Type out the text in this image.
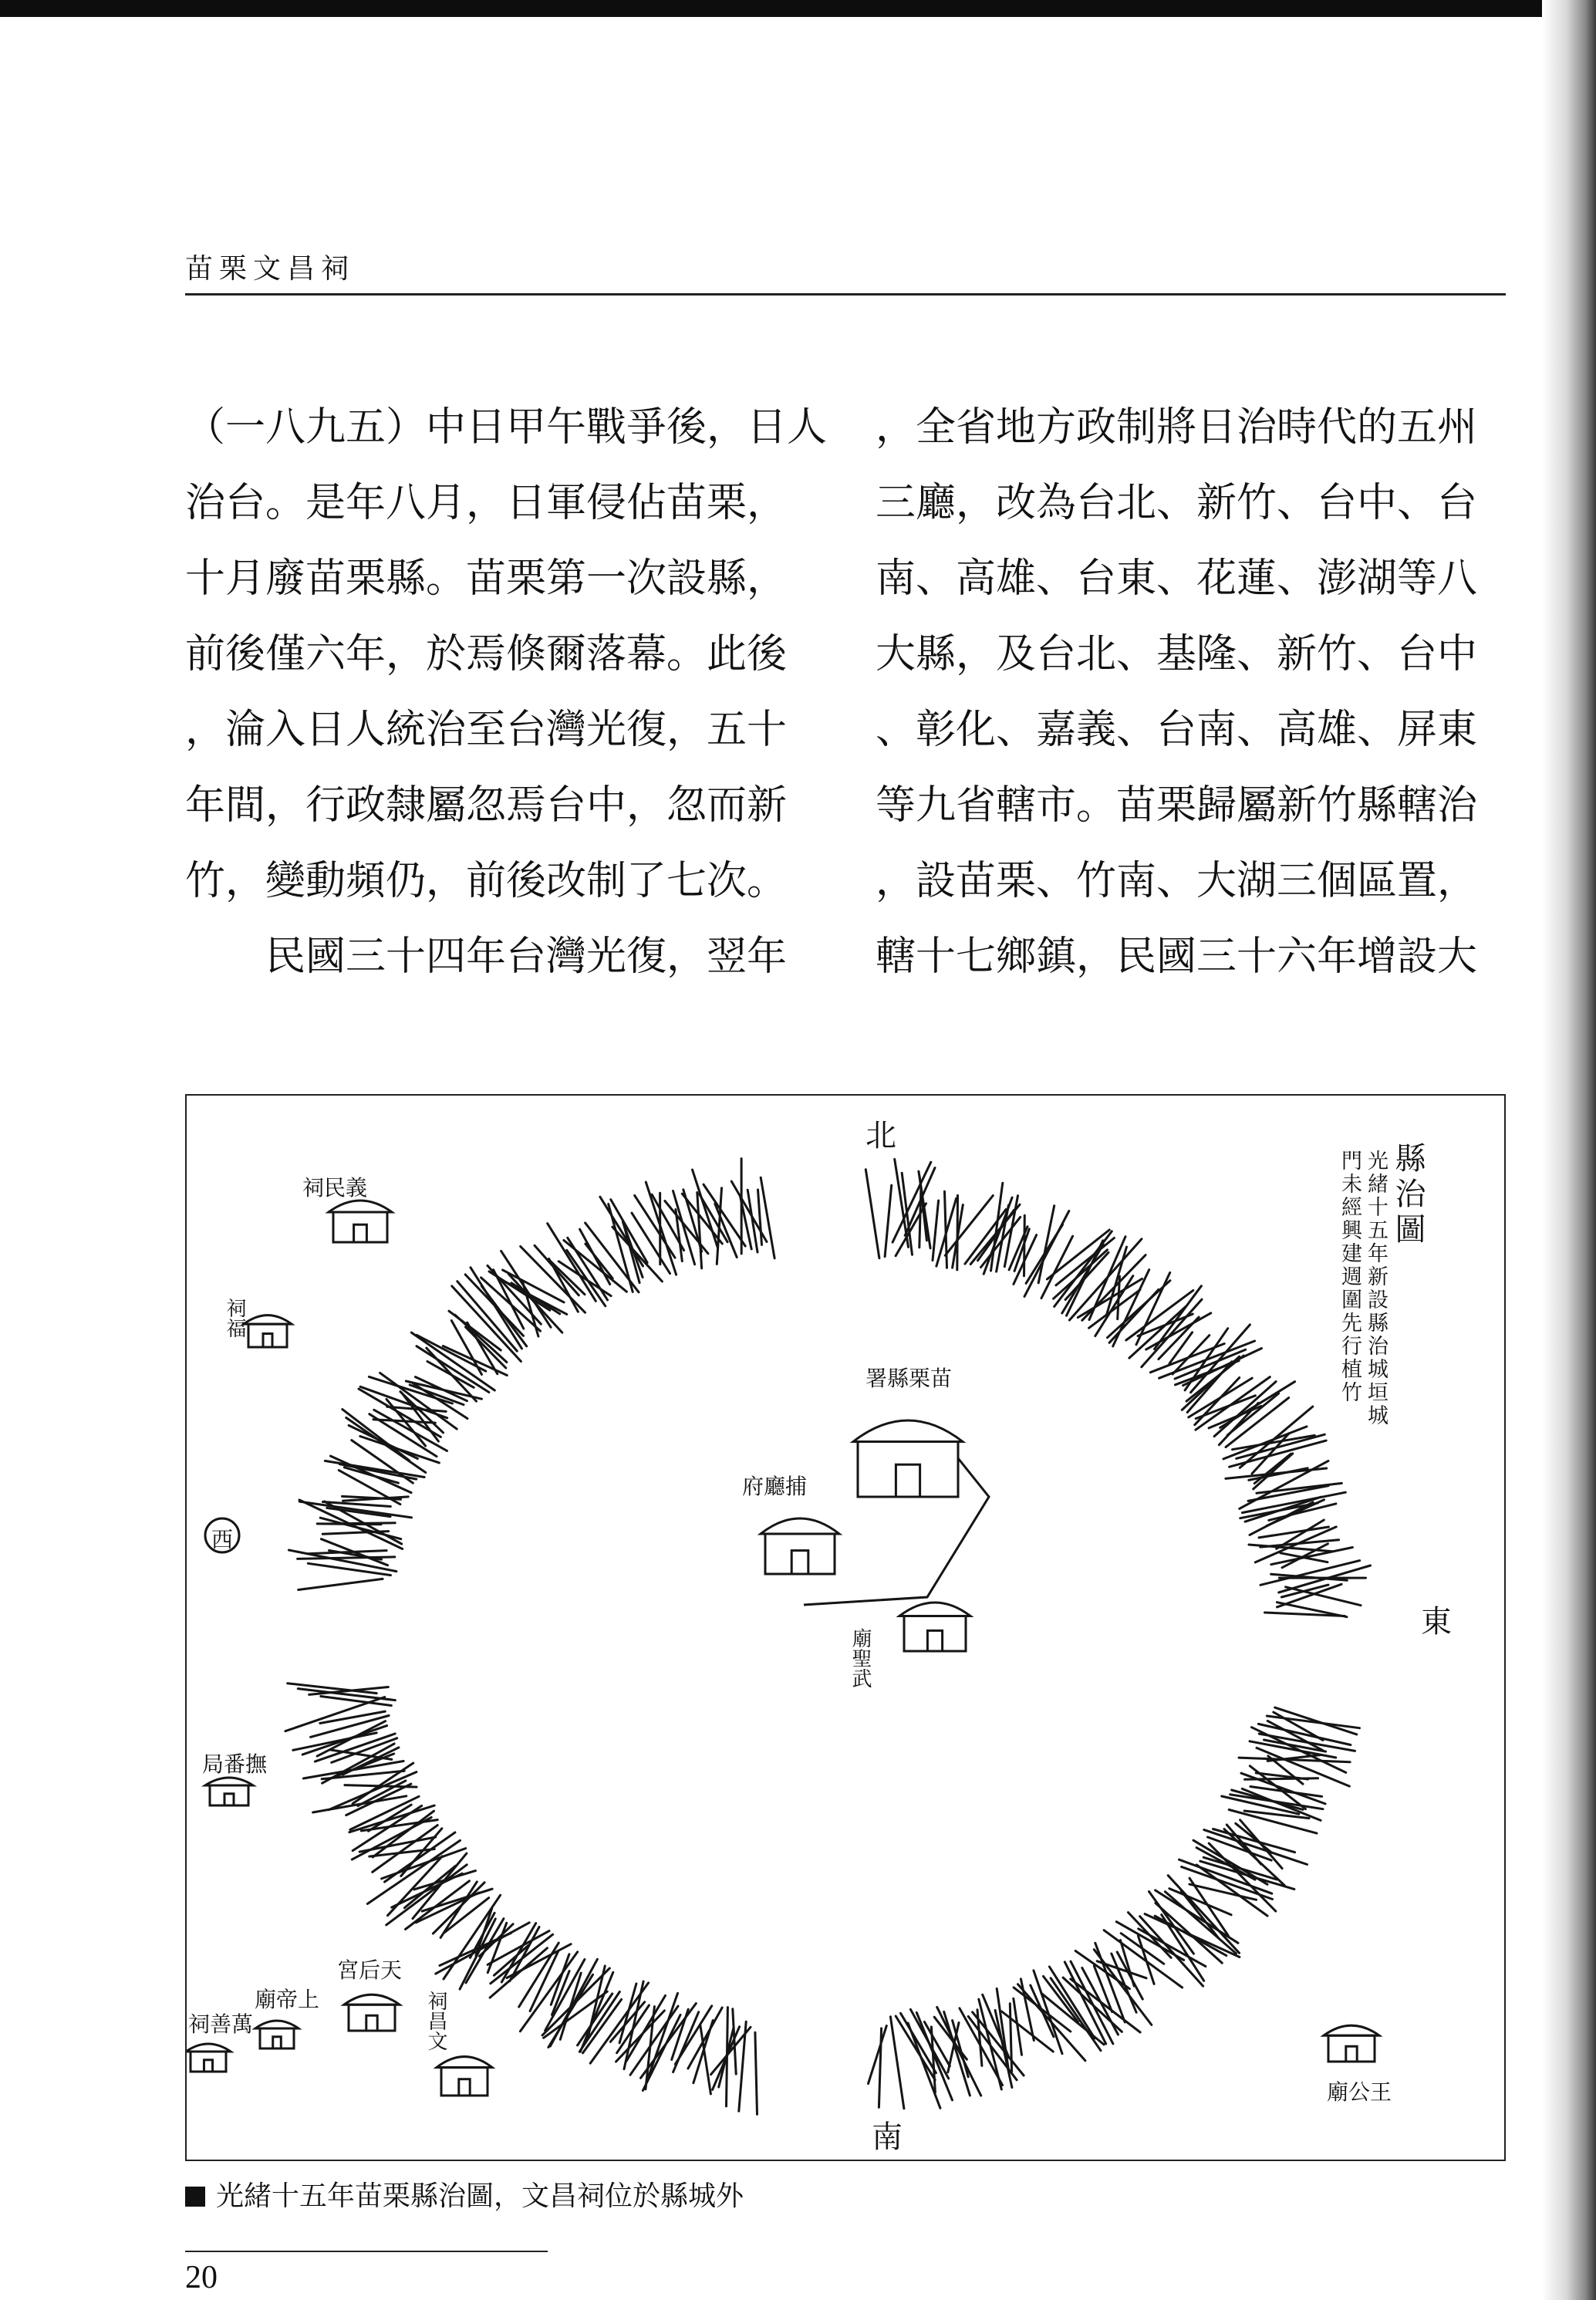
苗栗文昌祠

（一八九五）中日甲午戰爭後，日人

治台。是年八月，日軍侵佔苗栗，

十月廢苗栗縣。苗栗第一次設縣，

前後僅六年，於焉倏爾落幕。此後

，淪入日人統治至台灣光復，五十

年間，行政隸屬忽焉台中，忽而新

竹，變動頻仍，前後改制了七次。

　　民國三十四年台灣光復，翌年

，全省地方政制將日治時代的五州

三廳，改為台北、新竹、台中、台

南、高雄、台東、花蓮、澎湖等八

大縣，及台北、基隆、新竹、台中

、彰化、嘉義、台南、高雄、屏東

等九省轄市。苗栗歸屬新竹縣轄治

，設苗栗、竹南、大湖三個區置，

轄十七鄉鎮，民國三十六年增設大

縣治圖
光緒十五年新設縣治城垣城
門未經興建週圍先行植竹
北
東
南
西
祠民義
署縣栗苗
府廳捕
廟聖武
祠福
局番撫
宮后天
祠昌文
廟帝上
祠善萬
廟公王
光緒十五年苗栗縣治圖，文昌祠位於縣城外
20
